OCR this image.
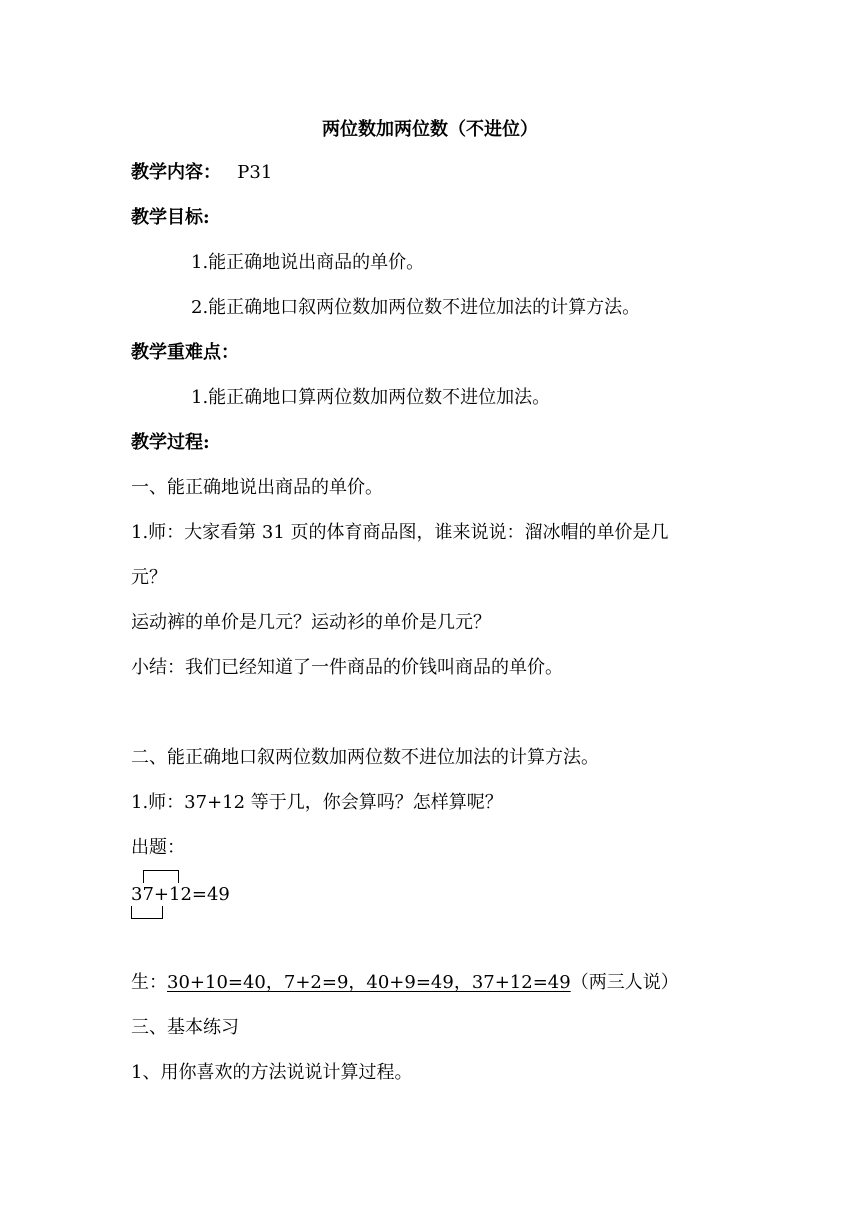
两位数加两位数（不进位）
教学内容： P31
教学目标:
1.能正确地说出商品的单价。
2.能正确地口叙两位数加两位数不进位加法的计算方法。
教学重难点：
1.能正确地口算两位数加两位数不进位加法。
教学过程:
一、能正确地说出商品的单价。
1.师：大家看第 31 页的体育商品图，谁来说说：溜冰帽的单价是几
元？
运动裤的单价是几元？运动衫的单价是几元？
小结：我们已经知道了一件商品的价钱叫商品的单价。
二、能正确地口叙两位数加两位数不进位加法的计算方法。
1.师：37+12 等于几，你会算吗？怎样算呢？
出题：
37+12=49
生：30+10=40，7+2=9，40+9=49，37+12=49（两三人说）
三、基本练习
1、用你喜欢的方法说说计算过程。
